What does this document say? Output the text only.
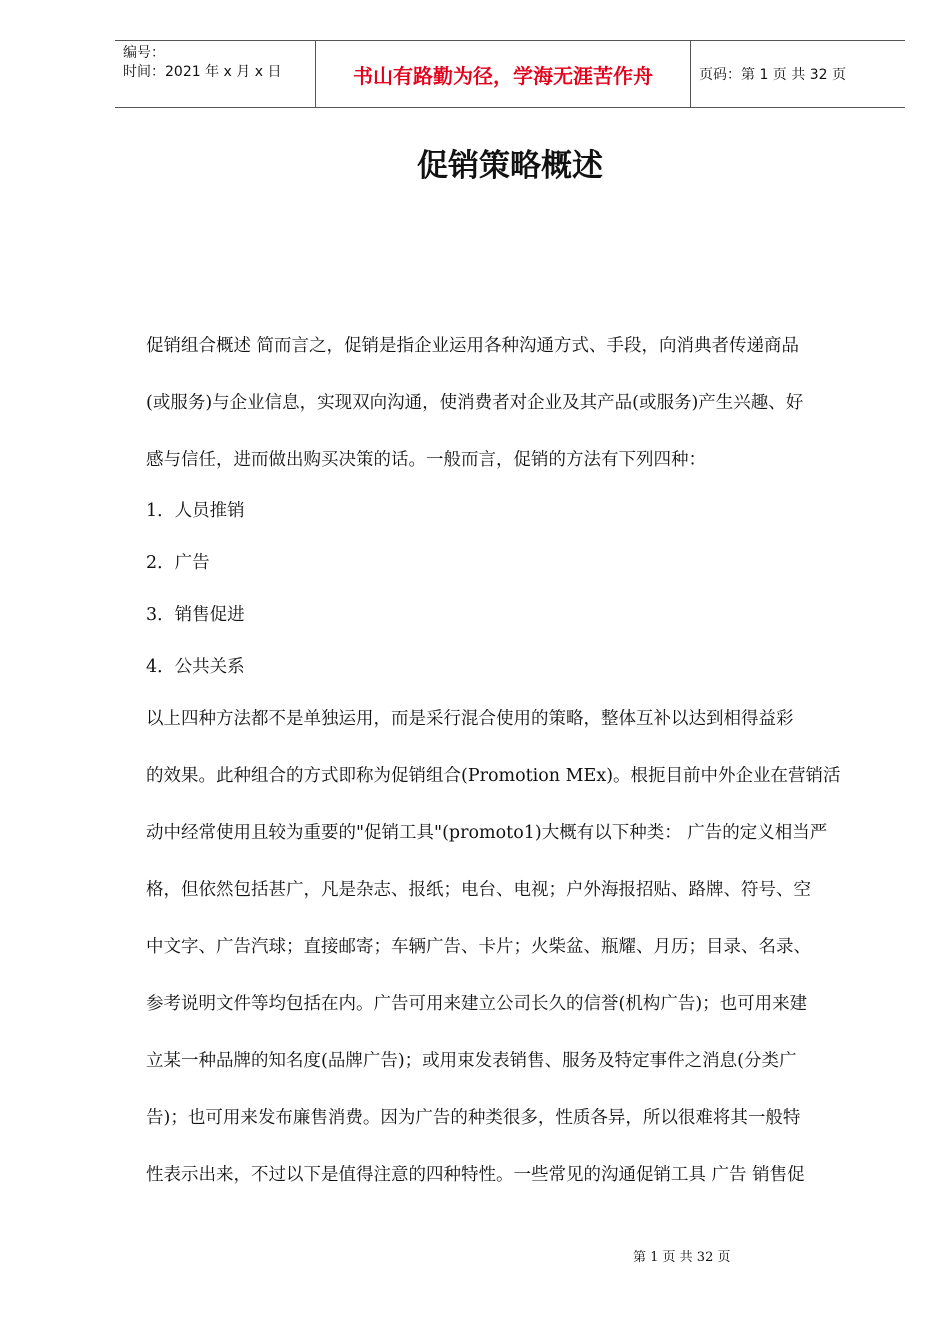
编号：
时间：2021 年 x 月 x 日	书山有路勤为径，学海无涯苦作舟	页码：第 1 页 共 32 页
促销策略概述
促销组合概述 简而言之，促销是指企业运用各种沟通方式、手段，向消典者传递商品
(或服务)与企业信息，实现双向沟通，使消费者对企业及其产品(或服务)产生兴趣、好
感与信任，进而做出购买决策的话。一般而言，促销的方法有下列四种：
1．人员推销
2．广告
3．销售促进
4．公共关系
以上四种方法都不是单独运用，而是采行混合使用的策略，整体互补以达到相得益彩
的效果。此种组合的方式即称为促销组合(Promotion MEx)。根扼目前中外企业在营销活
动中经常使用且较为重要的"促销工具"(promoto1)大概有以下种类： 广告的定义相当严
格，但依然包括甚广，凡是杂志、报纸；电台、电视；户外海报招贴、路牌、符号、空
中文字、广告汽球；直接邮寄；车辆广告、卡片；火柴盆、瓶耀、月历；目录、名录、
参考说明文件等均包括在内。广告可用来建立公司长久的信誉(机构广告)；也可用来建
立某一种品牌的知名度(品牌广告)；或用束发表销售、服务及特定事件之消息(分类广
告)；也可用来发布廉售消费。因为广告的种类很多，性质各异，所以很难将其一般特
性表示出来，不过以下是值得注意的四种特性。一些常见的沟通促销工具 广告 销售促
第 1 页 共 32 页
